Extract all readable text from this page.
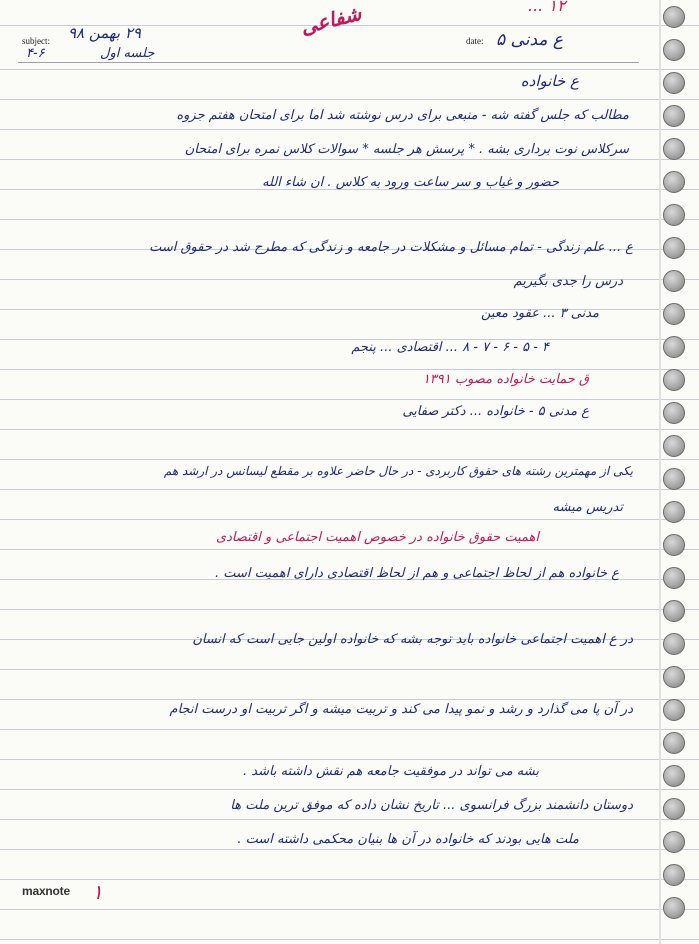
۱۲ ...
شفاعی
subject:	date:
۲۹ بهمن ۹۸
جلسه اول
۴-۶
ع مدنی ۵
ع خانواده
مطالب که جلس گفته شه - منبعی برای درس نوشته شد اما برای امتحان هفتم جزوه
سرکلاس نوت برداری بشه . * پرسش هر جلسه * سوالات کلاس نمره برای امتحان
حضور و غیاب و سر ساعت ورود به کلاس . ان شاء الله
ع ... علم زندگی - تمام مسائل و مشکلات در جامعه و زندگی که مطرح شد در حقوق است
درس را جدی بگیریم
مدنی ۳ ... عقود معین
۴ - ۵ - ۶ - ۷ - ۸ ... اقتصادی ... پنجم
ق حمایت خانواده مصوب ۱۳۹۱
ع مدنی ۵ - خانواده ... دکتر صفایی
یکی از مهمترین رشته های حقوق کاربردی - در حال حاضر علاوه بر مقطع لیسانس در ارشد هم
تدریس میشه
اهمیت حقوق خانواده در خصوص اهمیت اجتماعی و اقتصادی
ع خانواده هم از لحاظ اجتماعی و هم از لحاظ اقتصادی دارای اهمیت است .
در ع اهمیت اجتماعی خانواده باید توجه بشه که خانواده اولین جایی است که انسان
در آن پا می گذارد و رشد و نمو پیدا می کند و تربیت میشه و اگر تربیت او درست انجام
بشه می تواند در موفقیت جامعه هم نقش داشته باشد .
دوستان دانشمند بزرگ فرانسوی ... تاریخ نشان داده که موفق ترین ملت ها
ملت هایی بودند که خانواده در آن ها بنیان محکمی داشته است .
maxnote ۱
